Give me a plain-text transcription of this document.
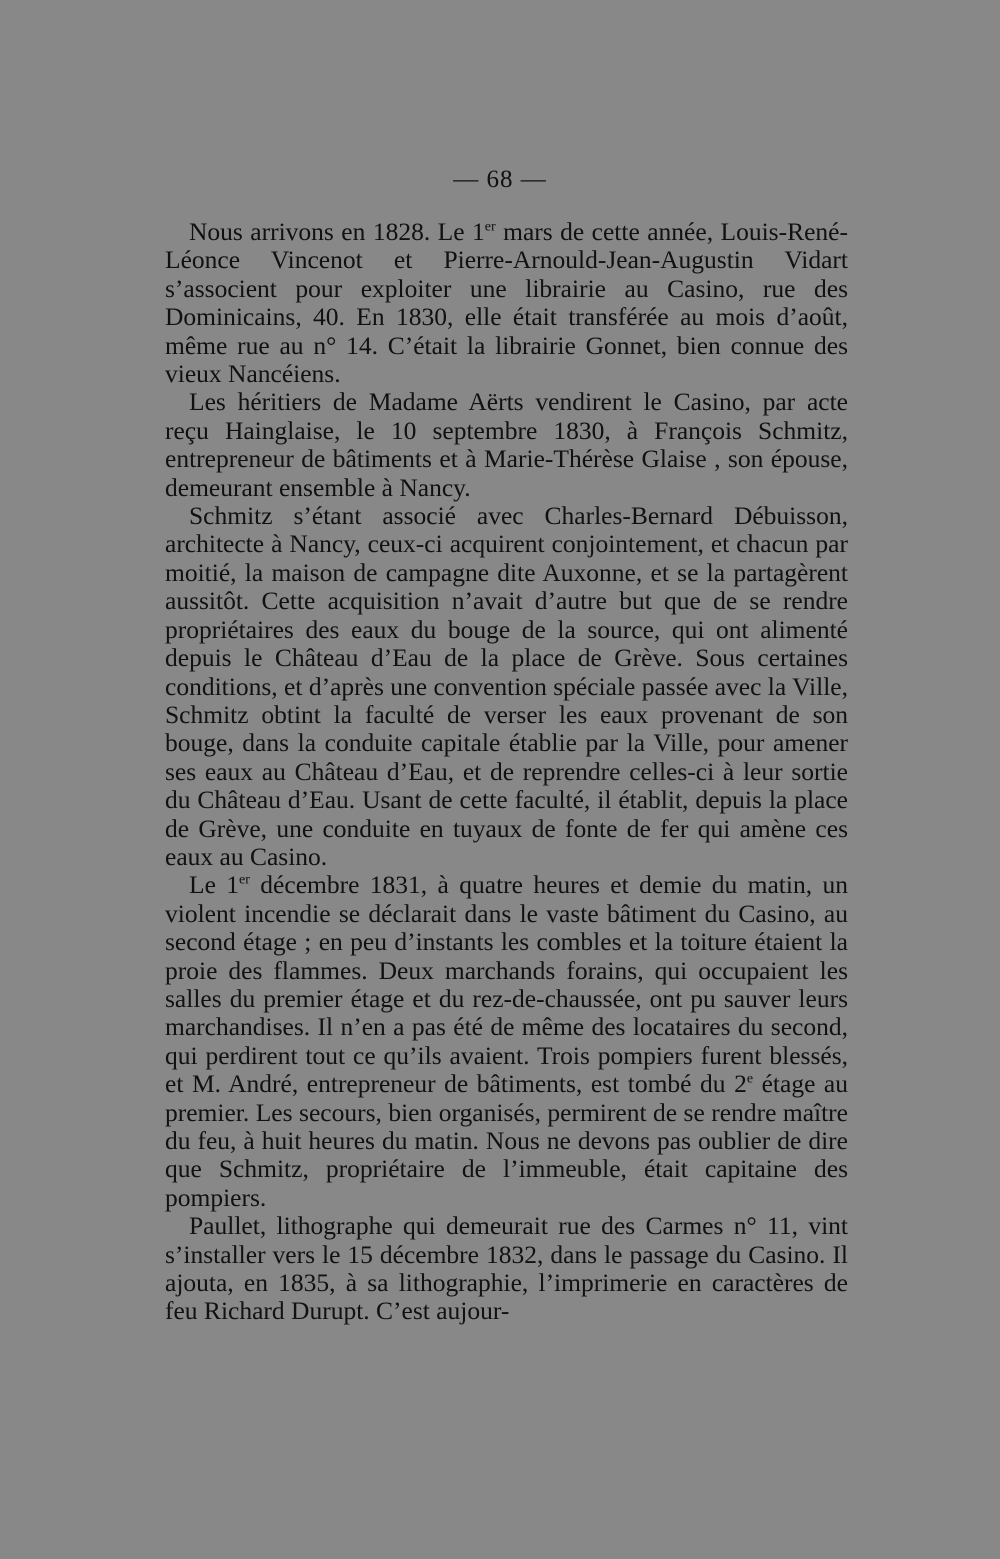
— 68 —

Nous arrivons en 1828. Le 1er mars de cette année, Louis-René-Léonce Vincenot et Pierre-Arnould-Jean-Augustin Vidart s’associent pour exploiter une librairie au Casino, rue des Dominicains, 40. En 1830, elle était transférée au mois d’août, même rue au n° 14. C’était la librairie Gonnet, bien connue des vieux Nancéiens.

Les héritiers de Madame Aërts vendirent le Casino, par acte reçu Hainglaise, le 10 septembre 1830, à François Schmitz, entrepreneur de bâtiments et à Marie-Thérèse Glaise , son épouse, demeurant ensemble à Nancy.

Schmitz s’étant associé avec Charles-Bernard Débuisson, architecte à Nancy, ceux-ci acquirent conjointement, et chacun par moitié, la maison de campagne dite Auxonne, et se la partagèrent aussitôt. Cette acquisition n’avait d’autre but que de se rendre propriétaires des eaux du bouge de la source, qui ont alimenté depuis le Château d’Eau de la place de Grève. Sous certaines conditions, et d’après une convention spéciale passée avec la Ville, Schmitz obtint la faculté de verser les eaux provenant de son bouge, dans la conduite capitale établie par la Ville, pour amener ses eaux au Château d’Eau, et de reprendre celles-ci à leur sortie du Château d’Eau. Usant de cette faculté, il établit, depuis la place de Grève, une conduite en tuyaux de fonte de fer qui amène ces eaux au Casino.

Le 1er décembre 1831, à quatre heures et demie du matin, un violent incendie se déclarait dans le vaste bâtiment du Casino, au second étage ; en peu d’instants les combles et la toiture étaient la proie des flammes. Deux marchands forains, qui occupaient les salles du premier étage et du rez-de-chaussée, ont pu sauver leurs marchandises. Il n’en a pas été de même des locataires du second, qui perdirent tout ce qu’ils avaient. Trois pompiers furent blessés, et M. André, entrepreneur de bâtiments, est tombé du 2e étage au premier. Les secours, bien organisés, permirent de se rendre maître du feu, à huit heures du matin. Nous ne devons pas oublier de dire que Schmitz, propriétaire de l’immeuble, était capitaine des pompiers.

Paullet, lithographe qui demeurait rue des Carmes n° 11, vint s’installer vers le 15 décembre 1832, dans le passage du Casino. Il ajouta, en 1835, à sa lithographie, l’imprimerie en caractères de feu Richard Durupt. C’est aujour-
